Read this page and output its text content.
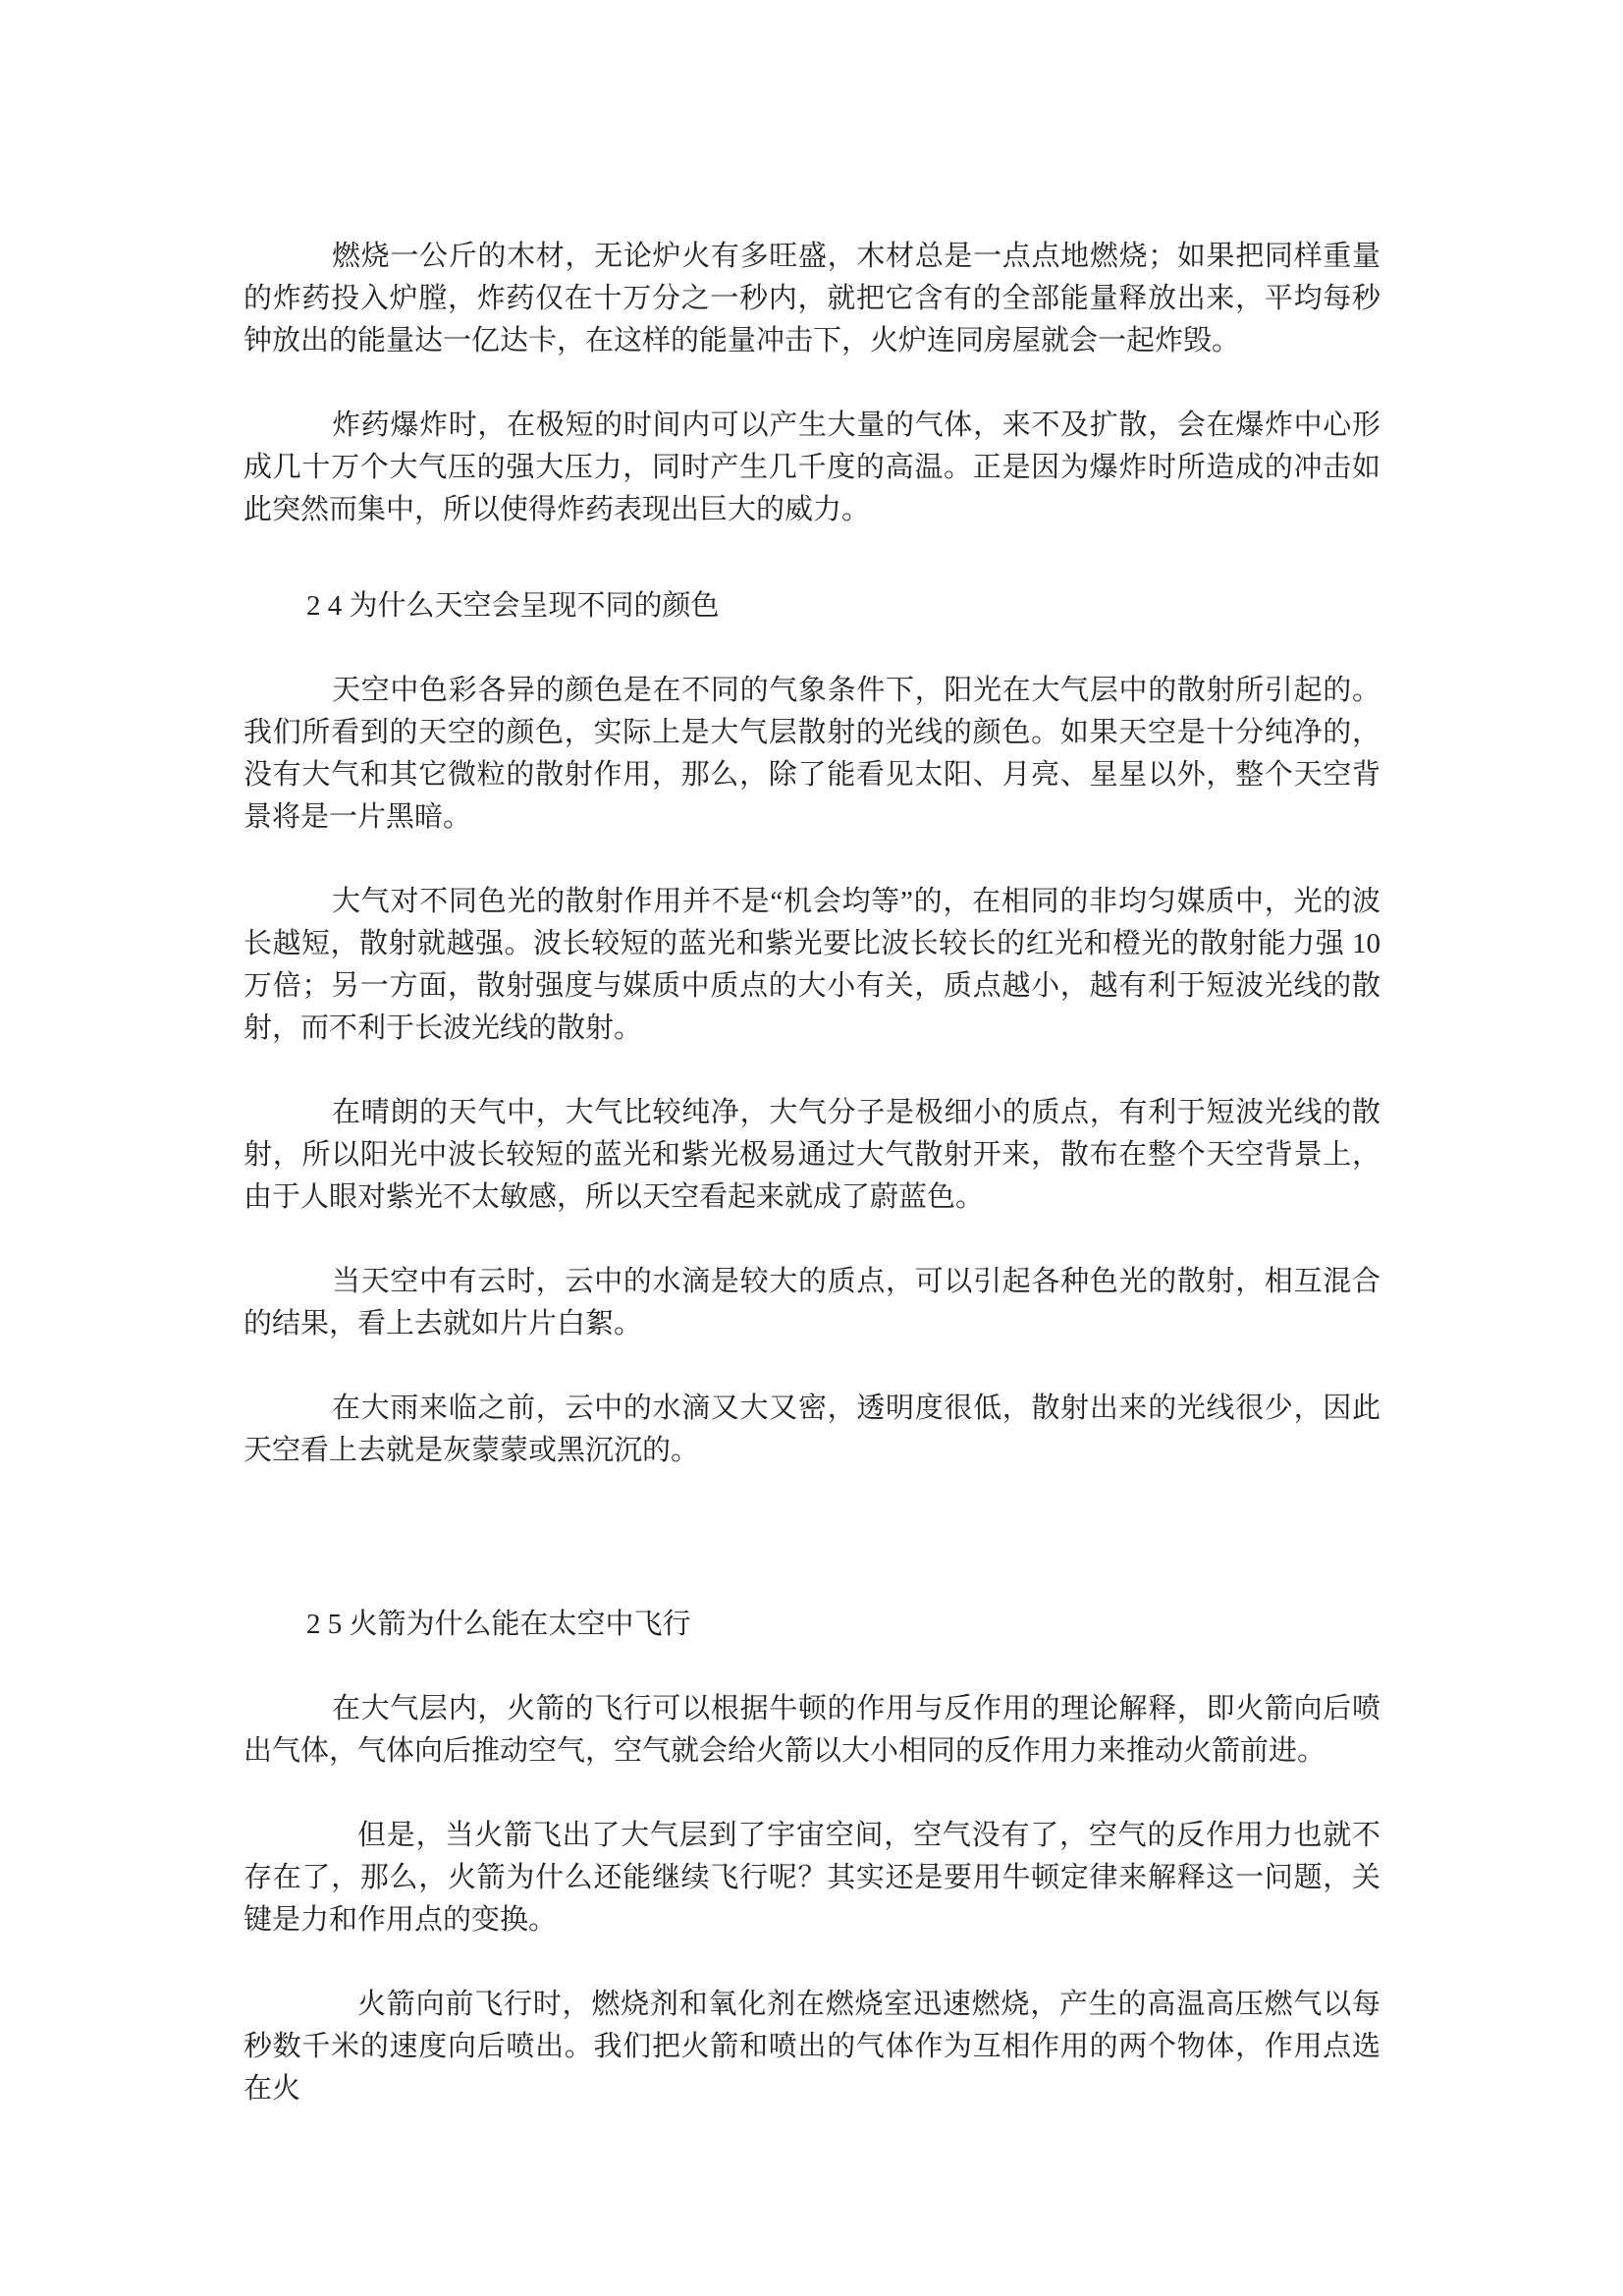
燃烧一公斤的木材，无论炉火有多旺盛，木材总是一点点地燃烧；如果把同样重量的炸药投入炉膛，炸药仅在十万分之一秒内，就把它含有的全部能量释放出来，平均每秒钟放出的能量达一亿达卡，在这样的能量冲击下，火炉连同房屋就会一起炸毁。

炸药爆炸时，在极短的时间内可以产生大量的气体，来不及扩散，会在爆炸中心形成几十万个大气压的强大压力，同时产生几千度的高温。正是因为爆炸时所造成的冲击如此突然而集中，所以使得炸药表现出巨大的威力。

2 4 为什么天空会呈现不同的颜色

天空中色彩各异的颜色是在不同的气象条件下，阳光在大气层中的散射所引起的。我们所看到的天空的颜色，实际上是大气层散射的光线的颜色。如果天空是十分纯净的，没有大气和其它微粒的散射作用，那么，除了能看见太阳、月亮、星星以外，整个天空背景将是一片黑暗。

大气对不同色光的散射作用并不是“机会均等”的，在相同的非均匀媒质中，光的波长越短，散射就越强。波长较短的蓝光和紫光要比波长较长的红光和橙光的散射能力强 10 万倍；另一方面，散射强度与媒质中质点的大小有关，质点越小，越有利于短波光线的散射，而不利于长波光线的散射。

在晴朗的天气中，大气比较纯净，大气分子是极细小的质点，有利于短波光线的散射，所以阳光中波长较短的蓝光和紫光极易通过大气散射开来，散布在整个天空背景上，由于人眼对紫光不太敏感，所以天空看起来就成了蔚蓝色。

当天空中有云时，云中的水滴是较大的质点，可以引起各种色光的散射，相互混合的结果，看上去就如片片白絮。

在大雨来临之前，云中的水滴又大又密，透明度很低，散射出来的光线很少，因此天空看上去就是灰蒙蒙或黑沉沉的。

2 5 火箭为什么能在太空中飞行

在大气层内，火箭的飞行可以根据牛顿的作用与反作用的理论解释，即火箭向后喷出气体，气体向后推动空气，空气就会给火箭以大小相同的反作用力来推动火箭前进。

但是，当火箭飞出了大气层到了宇宙空间，空气没有了，空气的反作用力也就不存在了，那么，火箭为什么还能继续飞行呢？其实还是要用牛顿定律来解释这一问题，关键是力和作用点的变换。

火箭向前飞行时，燃烧剂和氧化剂在燃烧室迅速燃烧，产生的高温高压燃气以每秒数千米的速度向后喷出。我们把火箭和喷出的气体作为互相作用的两个物体，作用点选在火
